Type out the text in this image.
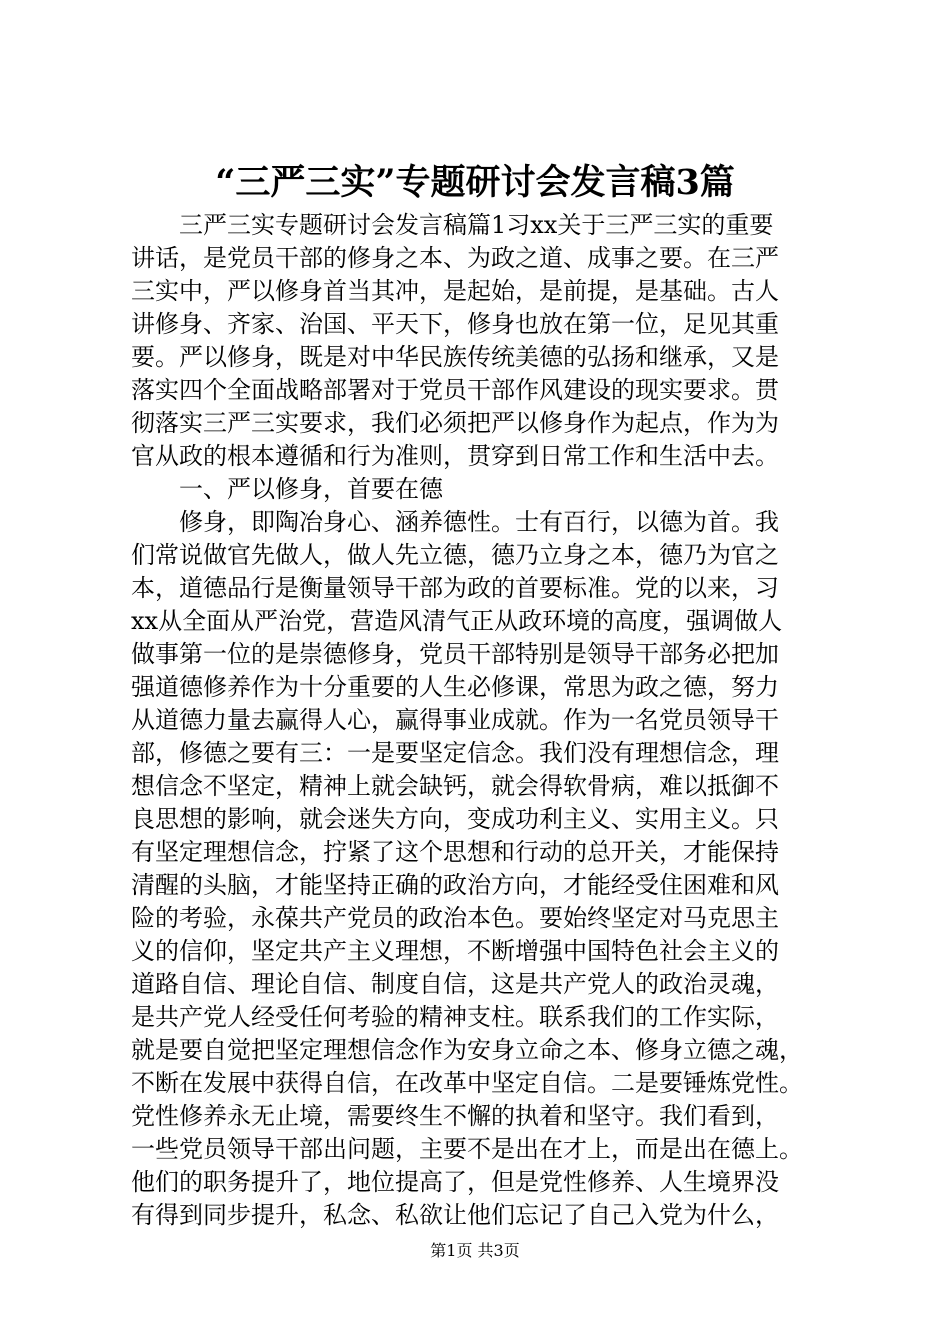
“三严三实”专题研讨会发言稿3篇
三严三实专题研讨会发言稿篇1习xx关于三严三实的重要
讲话，是党员干部的修身之本、为政之道、成事之要。在三严
三实中，严以修身首当其冲，是起始，是前提，是基础。古人
讲修身、齐家、治国、平天下，修身也放在第一位，足见其重
要。严以修身，既是对中华民族传统美德的弘扬和继承，又是
落实四个全面战略部署对于党员干部作风建设的现实要求。贯
彻落实三严三实要求，我们必须把严以修身作为起点，作为为
官从政的根本遵循和行为准则，贯穿到日常工作和生活中去。
一、严以修身，首要在德
修身，即陶冶身心、涵养德性。士有百行，以德为首。我
们常说做官先做人，做人先立德，德乃立身之本，德乃为官之
本，道德品行是衡量领导干部为政的首要标准。党的以来，习
xx从全面从严治党，营造风清气正从政环境的高度，强调做人
做事第一位的是崇德修身，党员干部特别是领导干部务必把加
强道德修养作为十分重要的人生必修课，常思为政之德，努力
从道德力量去赢得人心，赢得事业成就。作为一名党员领导干
部，修德之要有三：一是要坚定信念。我们没有理想信念，理
想信念不坚定，精神上就会缺钙，就会得软骨病，难以抵御不
良思想的影响，就会迷失方向，变成功利主义、实用主义。只
有坚定理想信念，拧紧了这个思想和行动的总开关，才能保持
清醒的头脑，才能坚持正确的政治方向，才能经受住困难和风
险的考验，永葆共产党员的政治本色。要始终坚定对马克思主
义的信仰，坚定共产主义理想，不断增强中国特色社会主义的
道路自信、理论自信、制度自信，这是共产党人的政治灵魂，
是共产党人经受任何考验的精神支柱。联系我们的工作实际，
就是要自觉把坚定理想信念作为安身立命之本、修身立德之魂，
不断在发展中获得自信，在改革中坚定自信。二是要锤炼党性。
党性修养永无止境，需要终生不懈的执着和坚守。我们看到，
一些党员领导干部出问题，主要不是出在才上，而是出在德上。
他们的职务提升了，地位提高了，但是党性修养、人生境界没
有得到同步提升，私念、私欲让他们忘记了自己入党为什么，
第1页 共3页
